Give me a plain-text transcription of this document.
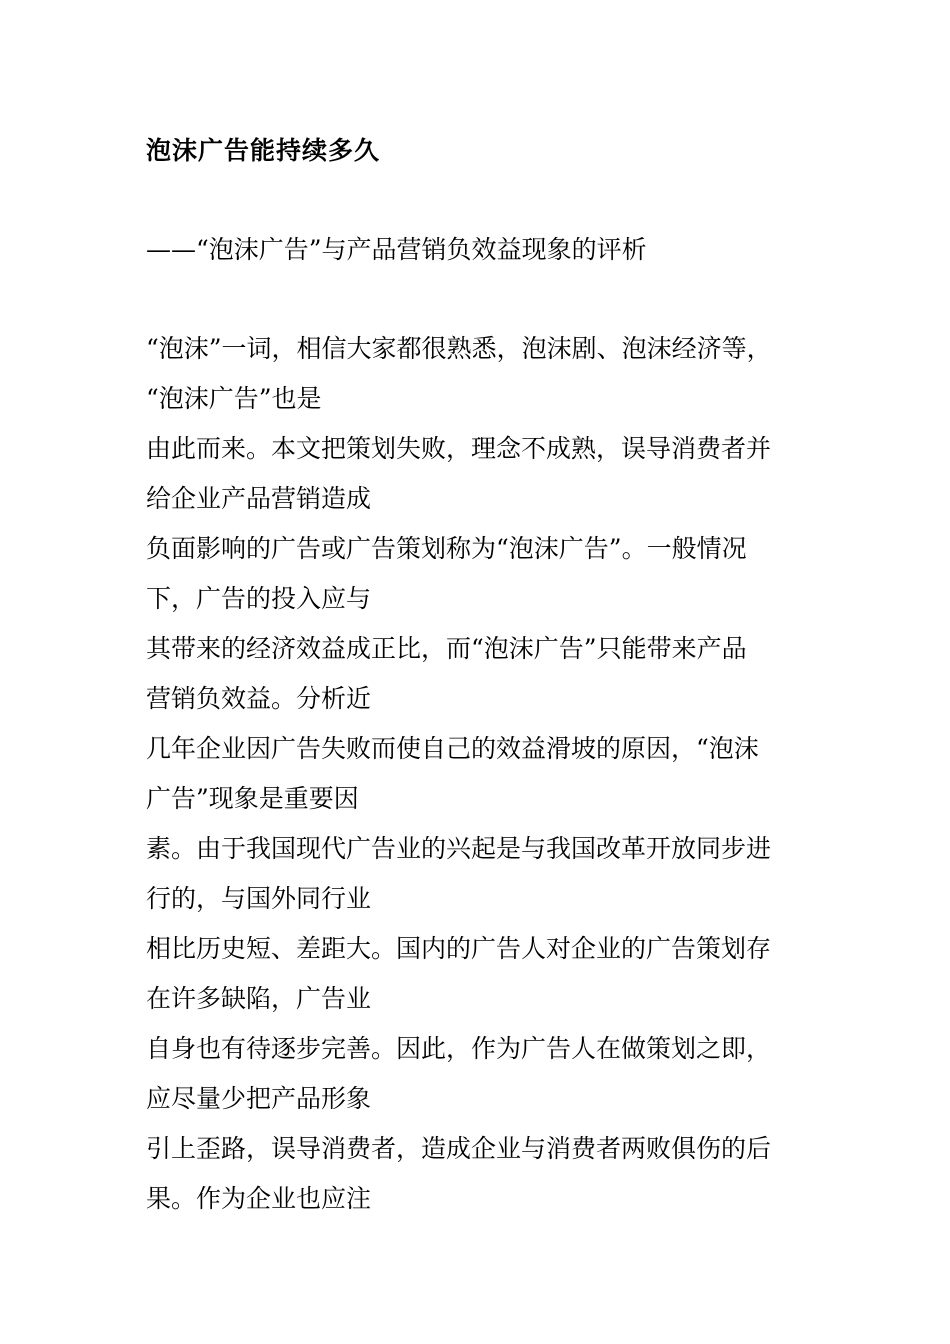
泡沫广告能持续多久
——“泡沫广告”与产品营销负效益现象的评析
“泡沫”一词，相信大家都很熟悉，泡沫剧、泡沫经济等，
“泡沫广告”也是
由此而来。本文把策划失败，理念不成熟，误导消费者并
给企业产品营销造成
负面影响的广告或广告策划称为“泡沫广告”。一般情况
下，广告的投入应与
其带来的经济效益成正比，而“泡沫广告”只能带来产品
营销负效益。分析近
几年企业因广告失败而使自己的效益滑坡的原因，“泡沫
广告”现象是重要因
素。由于我国现代广告业的兴起是与我国改革开放同步进
行的，与国外同行业
相比历史短、差距大。国内的广告人对企业的广告策划存
在许多缺陷，广告业
自身也有待逐步完善。因此，作为广告人在做策划之即，
应尽量少把产品形象
引上歪路，误导消费者，造成企业与消费者两败俱伤的后
果。作为企业也应注
